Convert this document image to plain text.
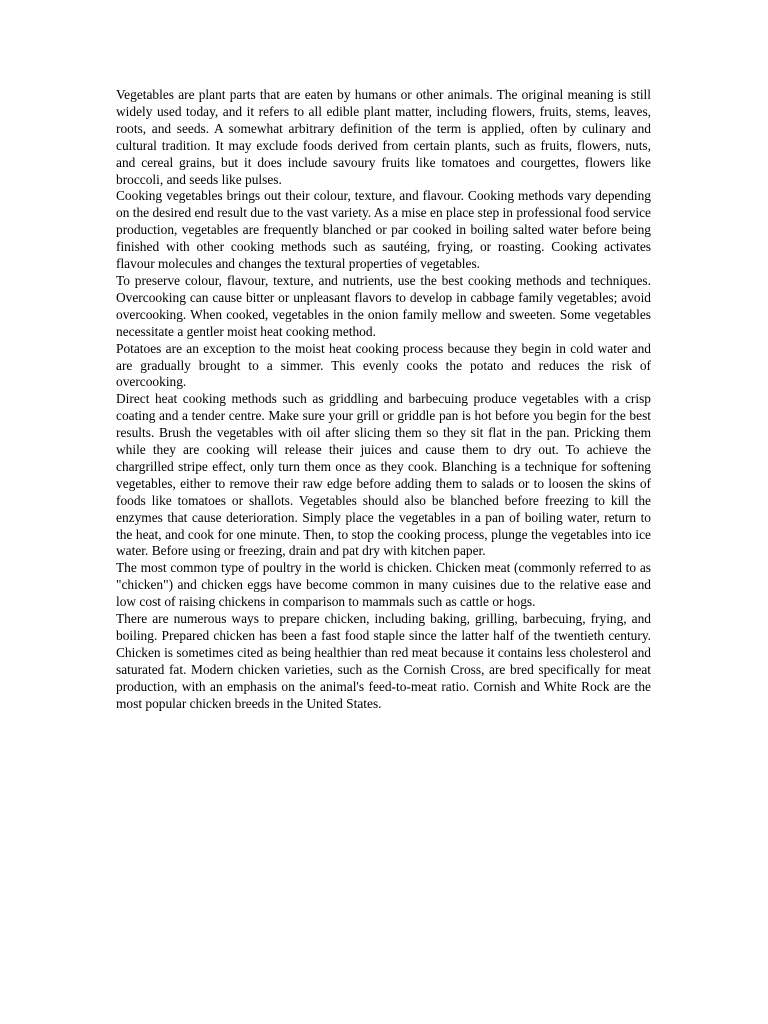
Vegetables are plant parts that are eaten by humans or other animals. The original meaning is still widely used today, and it refers to all edible plant matter, including flowers, fruits, stems, leaves, roots, and seeds. A somewhat arbitrary definition of the term is applied, often by culinary and cultural tradition. It may exclude foods derived from certain plants, such as fruits, flowers, nuts, and cereal grains, but it does include savoury fruits like tomatoes and courgettes, flowers like broccoli, and seeds like pulses.

Cooking vegetables brings out their colour, texture, and flavour. Cooking methods vary depending on the desired end result due to the vast variety. As a mise en place step in professional food service production, vegetables are frequently blanched or par cooked in boiling salted water before being finished with other cooking methods such as sautéing, frying, or roasting. Cooking activates flavour molecules and changes the textural properties of vegetables.

To preserve colour, flavour, texture, and nutrients, use the best cooking methods and techniques. Overcooking can cause bitter or unpleasant flavors to develop in cabbage family vegetables; avoid overcooking. When cooked, vegetables in the onion family mellow and sweeten. Some vegetables necessitate a gentler moist heat cooking method.

Potatoes are an exception to the moist heat cooking process because they begin in cold water and are gradually brought to a simmer. This evenly cooks the potato and reduces the risk of overcooking.

Direct heat cooking methods such as griddling and barbecuing produce vegetables with a crisp coating and a tender centre. Make sure your grill or griddle pan is hot before you begin for the best results. Brush the vegetables with oil after slicing them so they sit flat in the pan. Pricking them while they are cooking will release their juices and cause them to dry out. To achieve the chargrilled stripe effect, only turn them once as they cook. Blanching is a technique for softening vegetables, either to remove their raw edge before adding them to salads or to loosen the skins of foods like tomatoes or shallots. Vegetables should also be blanched before freezing to kill the enzymes that cause deterioration. Simply place the vegetables in a pan of boiling water, return to the heat, and cook for one minute. Then, to stop the cooking process, plunge the vegetables into ice water. Before using or freezing, drain and pat dry with kitchen paper.

The most common type of poultry in the world is chicken. Chicken meat (commonly referred to as "chicken") and chicken eggs have become common in many cuisines due to the relative ease and low cost of raising chickens in comparison to mammals such as cattle or hogs.

There are numerous ways to prepare chicken, including baking, grilling, barbecuing, frying, and boiling. Prepared chicken has been a fast food staple since the latter half of the twentieth century. Chicken is sometimes cited as being healthier than red meat because it contains less cholesterol and saturated fat. Modern chicken varieties, such as the Cornish Cross, are bred specifically for meat production, with an emphasis on the animal's feed-to-meat ratio. Cornish and White Rock are the most popular chicken breeds in the United States.
